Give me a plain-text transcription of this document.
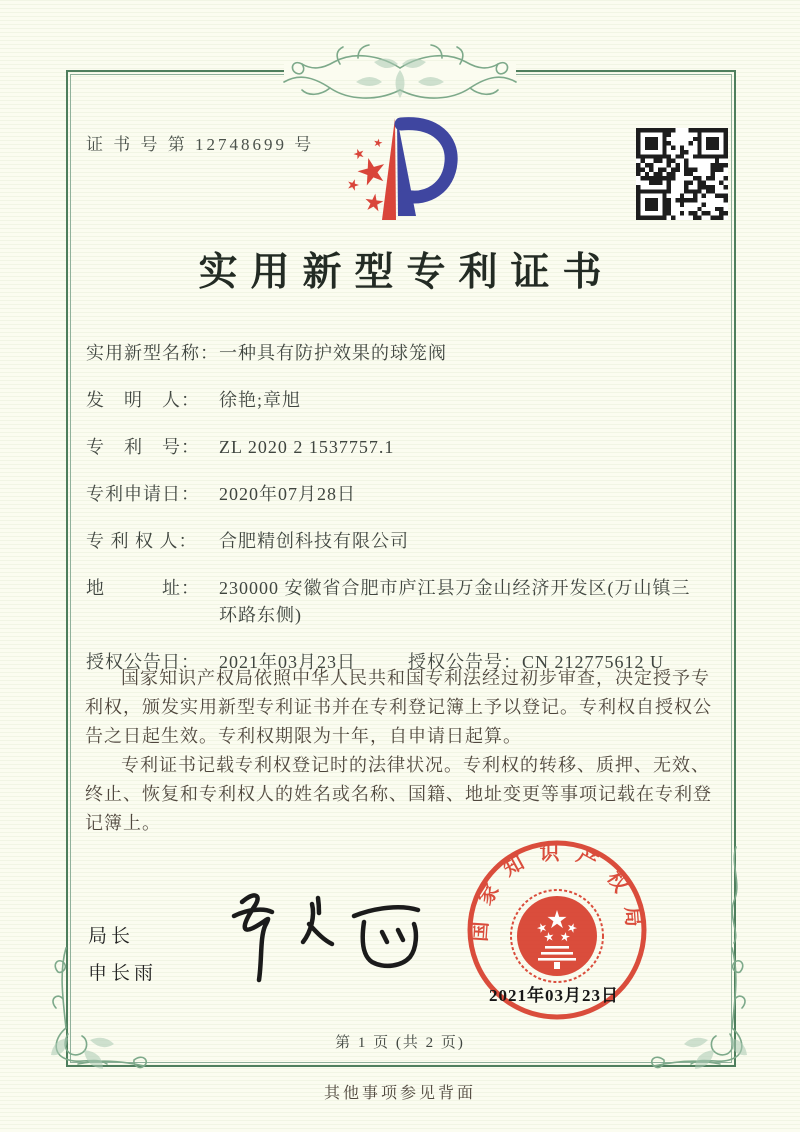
证 书 号 第 12748699 号
实用新型专利证书
实用新型名称： 一种具有防护效果的球笼阀
发　明　人：	徐艳;章旭
专　利　号：	ZL 2020 2 1537757.1
专利申请日：	2020年07月28日
专 利 权 人：	合肥精创科技有限公司
地　　　址：	230000 安徽省合肥市庐江县万金山经济开发区(万山镇三环路东侧)
授权公告日：	2021年03月23日	授权公告号： CN 212775612 U

国家知识产权局依照中华人民共和国专利法经过初步审查，决定授予专利权，颁发实用新型专利证书并在专利登记簿上予以登记。专利权自授权公告之日起生效。专利权期限为十年，自申请日起算。

专利证书记载专利权登记时的法律状况。专利权的转移、质押、无效、终止、恢复和专利权人的姓名或名称、国籍、地址变更等事项记载在专利登记簿上。

局长
申长雨
国家知识产权局
2021年03月23日
第 1 页 (共 2 页)
其他事项参见背面
